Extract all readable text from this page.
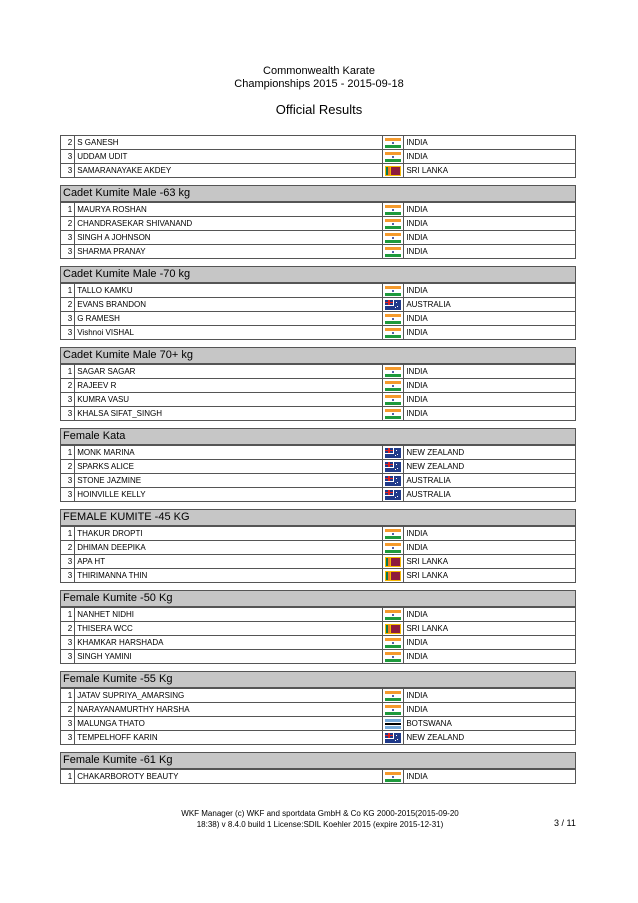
Commonwealth Karate
Championships 2015 - 2015-09-18
Official Results
2	S GANESH		INDIA
3	UDDAM UDIT		INDIA
3	SAMARANAYAKE AKDEY		SRI LANKA
Cadet Kumite Male -63 kg
1	MAURYA ROSHAN		INDIA
2	CHANDRASEKAR SHIVANAND		INDIA
3	SINGH A JOHNSON		INDIA
3	SHARMA PRANAY		INDIA
Cadet Kumite Male -70 kg
1	TALLO KAMKU		INDIA
2	EVANS BRANDON		AUSTRALIA
3	G RAMESH		INDIA
3	Vishnoi VISHAL		INDIA
Cadet Kumite Male 70+ kg
1	SAGAR SAGAR		INDIA
2	RAJEEV R		INDIA
3	KUMRA VASU		INDIA
3	KHALSA SIFAT_SINGH		INDIA
Female Kata
1	MONK MARINA		NEW ZEALAND
2	SPARKS ALICE		NEW ZEALAND
3	STONE JAZMINE		AUSTRALIA
3	HOINVILLE KELLY		AUSTRALIA
FEMALE KUMITE -45 KG
1	THAKUR DROPTI		INDIA
2	DHIMAN DEEPIKA		INDIA
3	APA HT		SRI LANKA
3	THIRIMANNA THIN		SRI LANKA
Female Kumite -50 Kg
1	NANHET NIDHI		INDIA
2	THISERA WCC		SRI LANKA
3	KHAMKAR HARSHADA		INDIA
3	SINGH YAMINI		INDIA
Female Kumite -55 Kg
1	JATAV SUPRIYA_AMARSING		INDIA
2	NARAYANAMURTHY HARSHA		INDIA
3	MALUNGA THATO		BOTSWANA
3	TEMPELHOFF KARIN		NEW ZEALAND
Female Kumite -61 Kg
1	CHAKARBOROTY BEAUTY		INDIA
WKF Manager (c) WKF and sportdata GmbH & Co KG 2000-2015(2015-09-20
18:38) v 8.4.0 build 1 License:SDIL Koehler 2015 (expire 2015-12-31)	3 / 11
